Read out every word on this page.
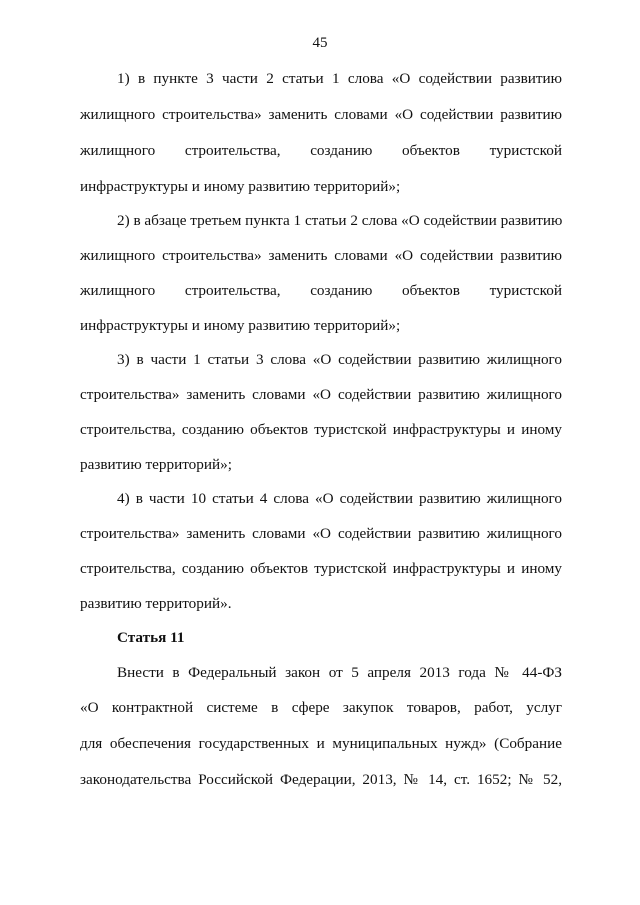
45
1) в пункте 3 части 2 статьи 1 слова «О содействии развитию
жилищного строительства» заменить словами «О содействии развитию
жилищного строительства, созданию объектов туристской
инфраструктуры и иному развитию территорий»;
2) в абзаце третьем пункта 1 статьи 2 слова «О содействии развитию
жилищного строительства» заменить словами «О содействии развитию
жилищного строительства, созданию объектов туристской
инфраструктуры и иному развитию территорий»;
3) в части 1 статьи 3 слова «О содействии развитию жилищного
строительства» заменить словами «О содействии развитию жилищного
строительства, созданию объектов туристской инфраструктуры и иному
развитию территорий»;
4) в части 10 статьи 4 слова «О содействии развитию жилищного
строительства» заменить словами «О содействии развитию жилищного
строительства, созданию объектов туристской инфраструктуры и иному
развитию территорий».
Статья 11
Внести в Федеральный закон от 5 апреля 2013 года № 44-ФЗ
«О контрактной системе в сфере закупок товаров, работ, услуг
для обеспечения государственных и муниципальных нужд» (Собрание
законодательства Российской Федерации, 2013, № 14, ст. 1652; № 52,
